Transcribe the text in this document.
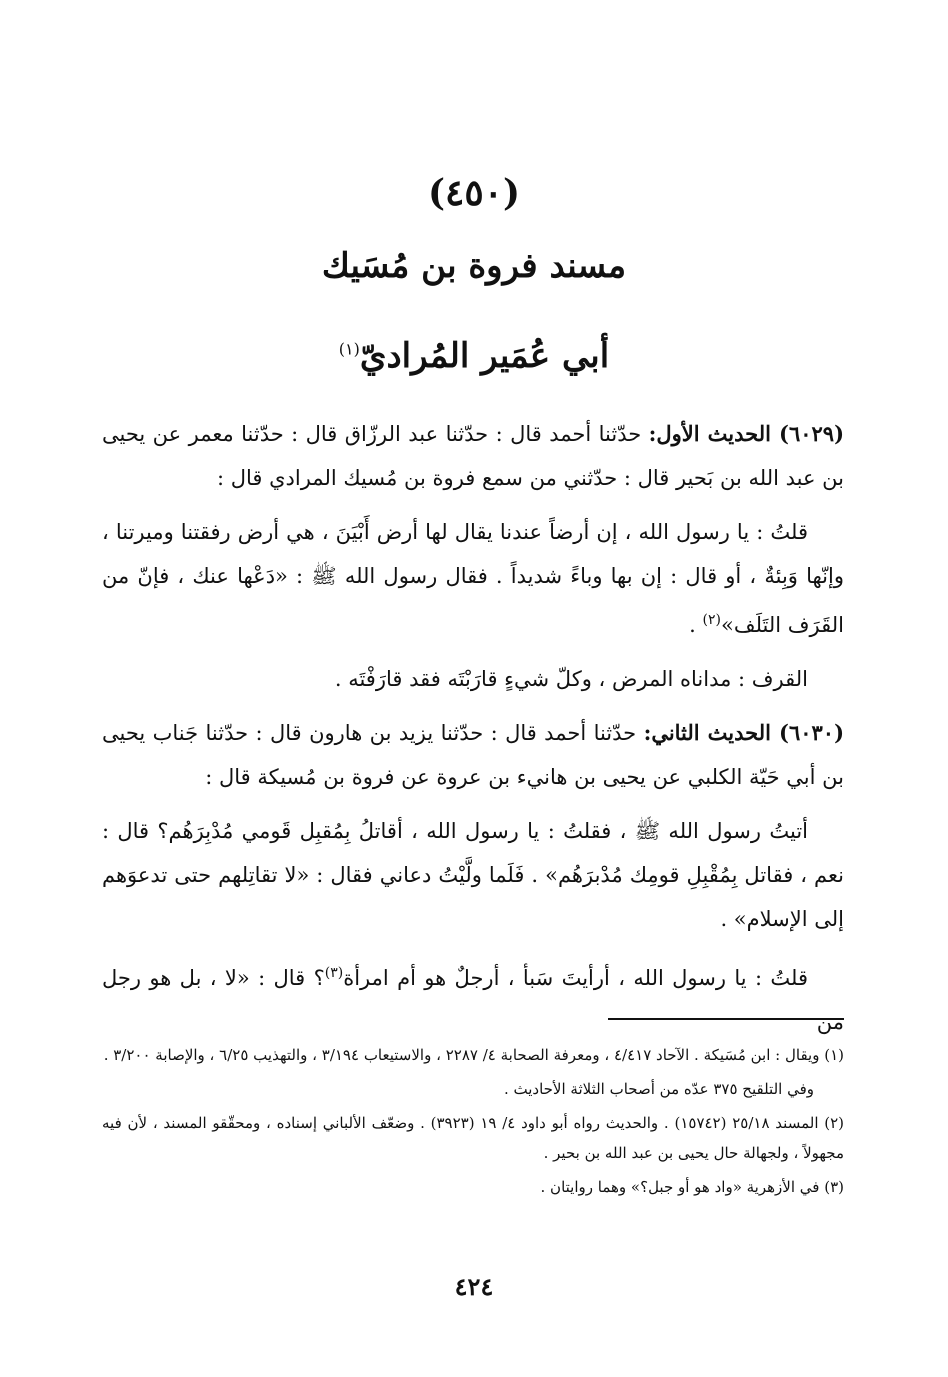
(٤٥٠)
مسند فروة بن مُسَيك
أبي عُمَير المُراديّ$^{(١)}$

(٦٠٢٩) الحديث الأول: حدّثنا أحمد قال : حدّثنا عبد الرزّاق قال : حدّثنا معمر عن يحيى بن عبد الله بن بَحير قال : حدّثني من سمع فروة بن مُسيك المرادي قال :

قلتُ : يا رسول الله ، إن أرضاً عندنا يقال لها أرض أَبْيَنَ ، هي أرض رفقتنا وميرتنا ، وإنّها وَبِئةٌ ، أو قال : إن بها وباءً شديداً . فقال رسول الله ﷺ : «دَعْها عنك ، فإنّ من القَرَف التَلَف»$^{(٢)}$ .

القرف : مداناه المرض ، وكلّ شيءٍ قارَبْتَه فقد قارَفْتَه .

(٦٠٣٠) الحديث الثاني: حدّثنا أحمد قال : حدّثنا يزيد بن هارون قال : حدّثنا جَناب يحيى بن أبي حَيّة الكلبي عن يحيى بن هانيء بن عروة عن فروة بن مُسيكة قال :

أتيتُ رسول الله ﷺ ، فقلتُ : يا رسول الله ، أقاتلُ بِمُقبِل قَومي مُدْبِرَهُم؟ قال : نعم ، فقاتل بِمُقْبِلِ قومِك مُدْبرَهُم» . فَلَما ولَّيْتُ دعاني فقال : «لا تقاتِلهم حتى تدعوَهم إلى الإسلام» .

قلتُ : يا رسول الله ، أرأيتَ سَبأ ، أرجلٌ هو أم امرأة$^{(٣)}$؟ قال : «لا ، بل هو رجل من

(١) ويقال : ابن مُسَيكة . الآحاد ٤/٤١٧ ، ومعرفة الصحابة ٤/ ٢٢٨٧ ، والاستيعاب ٣/١٩٤ ، والتهذيب ٦/٢٥ ، والإصابة ٣/٢٠٠ .

وفي التلقيح ٣٧٥ عدّه من أصحاب الثلاثة الأحاديث .

(٢) المسند ٢٥/١٨ (١٥٧٤٢) . والحديث رواه أبو داود ٤/ ١٩ (٣٩٢٣) . وضعّف الألباني إسناده ، ومحقّقو المسند ، لأن فيه مجهولاً ، ولجهالة حال يحيى بن عبد الله بن بحير .

(٣) في الأزهرية «واد هو أو جبل؟» وهما روايتان .

٤٢٤
